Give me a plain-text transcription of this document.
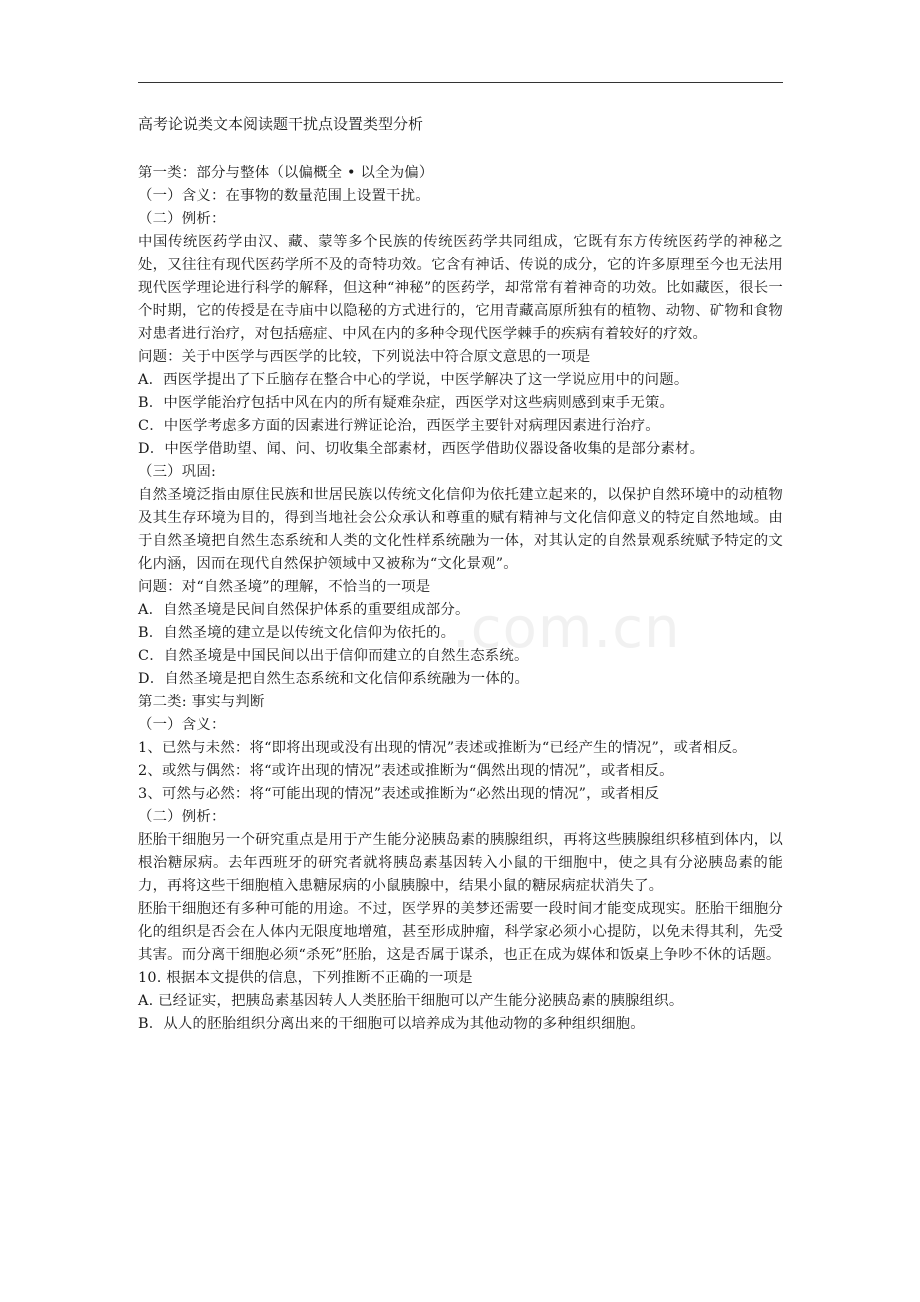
高考论说类文本阅读题干扰点设置类型分析

第一类：部分与整体（以偏概全 • 以全为偏）

（一）含义：在事物的数量范围上设置干扰。

（二）例析：

中国传统医药学由汉、藏、蒙等多个民族的传统医药学共同组成，它既有东方传统医药学的神秘之处，又往往有现代医药学所不及的奇特功效。它含有神话、传说的成分，它的许多原理至今也无法用现代医学理论进行科学的解释，但这种“神秘”的医药学，却常常有着神奇的功效。比如藏医，很长一个时期，它的传授是在寺庙中以隐秘的方式进行的，它用青藏高原所独有的植物、动物、矿物和食物对患者进行治疗，对包括癌症、中风在内的多种令现代医学棘手的疾病有着较好的疗效。

问题：关于中医学与西医学的比较，下列说法中符合原文意思的一项是

A．西医学提出了下丘脑存在整合中心的学说，中医学解决了这一学说应用中的问题。

B．中医学能治疗包括中风在内的所有疑难杂症，西医学对这些病则感到束手无策。

C．中医学考虑多方面的因素进行辨证论治，西医学主要针对病理因素进行治疗。

D．中医学借助望、闻、问、切收集全部素材，西医学借助仪器设备收集的是部分素材。

（三）巩固:

自然圣境泛指由原住民族和世居民族以传统文化信仰为依托建立起来的，以保护自然环境中的动植物及其生存环境为目的，得到当地社会公众承认和尊重的赋有精神与文化信仰意义的特定自然地域。由于自然圣境把自然生态系统和人类的文化性样系统融为一体，对其认定的自然景观系统赋予特定的文化内涵，因而在现代自然保护领域中又被称为“文化景观”。

问题：对“自然圣境”的理解，不恰当的一项是

A．自然圣境是民间自然保护体系的重要组成部分。

B．自然圣境的建立是以传统文化信仰为依托的。

C．自然圣境是中国民间以出于信仰而建立的自然生态系统。

D．自然圣境是把自然生态系统和文化信仰系统融为一体的。

第二类: 事实与判断

（一）含义：

1、已然与未然：将“即将出现或没有出现的情况”表述或推断为“已经产生的情况”，或者相反。

2、或然与偶然：将“或许出现的情况”表述或推断为“偶然出现的情况”，或者相反。

3、可然与必然：将“可能出现的情况”表述或推断为“必然出现的情况”，或者相反

（二）例析：

胚胎干细胞另一个研究重点是用于产生能分泌胰岛素的胰腺组织，再将这些胰腺组织移植到体内，以根治糖尿病。去年西班牙的研究者就将胰岛素基因转入小鼠的干细胞中，使之具有分泌胰岛素的能力，再将这些干细胞植入患糖尿病的小鼠胰腺中，结果小鼠的糖尿病症状消失了。

胚胎干细胞还有多种可能的用途。不过，医学界的美梦还需要一段时间才能变成现实。胚胎干细胞分化的组织是否会在人体内无限度地增殖，甚至形成肿瘤，科学家必须小心提防，以免未得其利，先受其害。而分离干细胞必须“杀死”胚胎，这是否属于谋杀，也正在成为媒体和饭桌上争吵不休的话题。

10. 根据本文提供的信息，下列推断不正确的一项是

A. 已经证实，把胰岛素基因转人人类胚胎干细胞可以产生能分泌胰岛素的胰腺组织。

B．从人的胚胎组织分离出来的干细胞可以培养成为其他动物的多种组织细胞。

.com.cn
